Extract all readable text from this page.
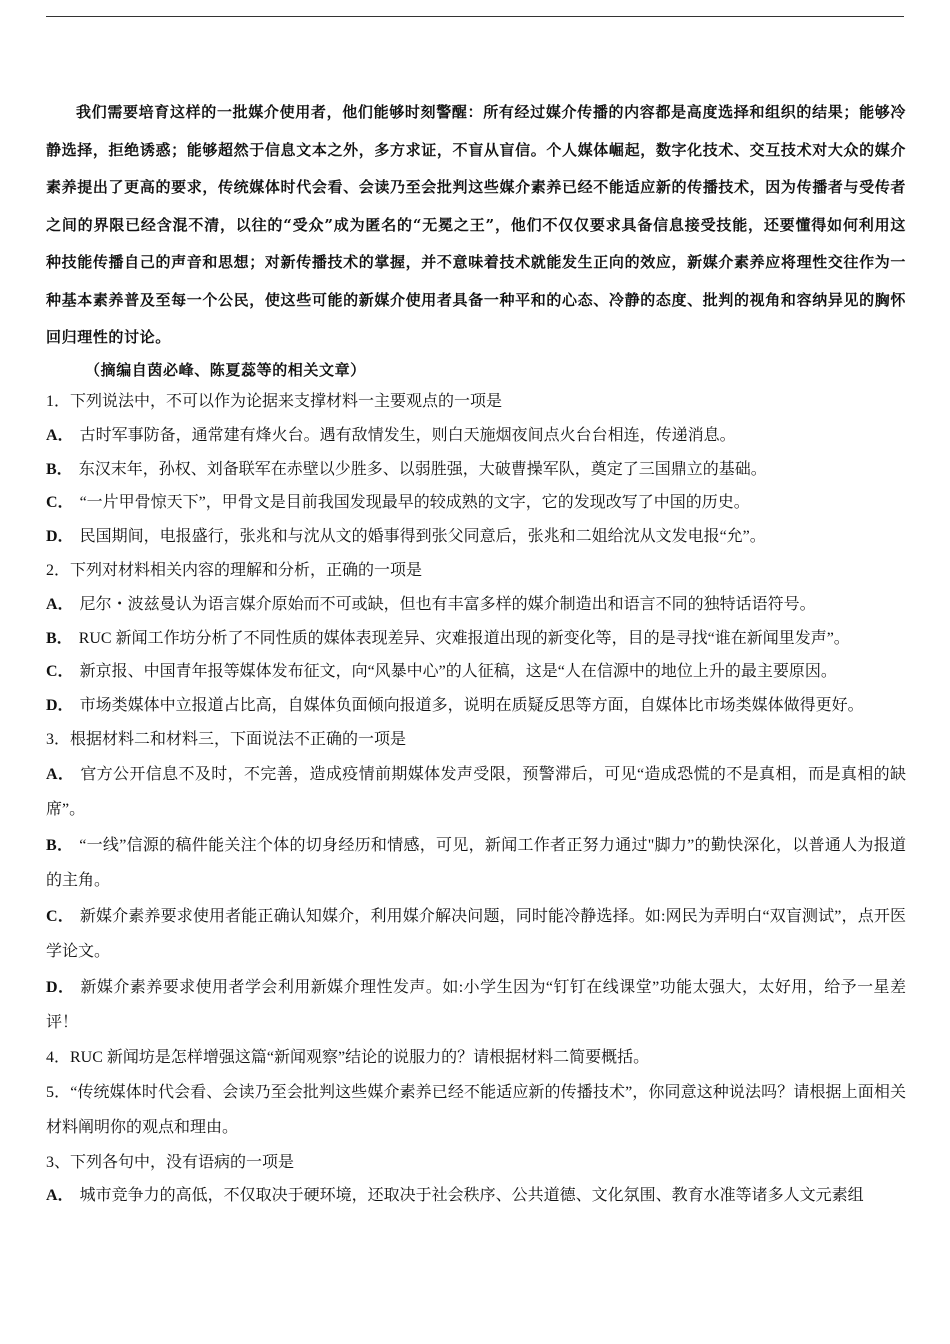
我们需要培育这样的一批媒介使用者，他们能够时刻警醒：所有经过媒介传播的内容都是高度选择和组织的结果；能够冷静选择，拒绝诱惑；能够超然于信息文本之外，多方求证，不盲从盲信。个人媒体崛起，数字化技术、交互技术对大众的媒介素养提出了更高的要求，传统媒体时代会看、会读乃至会批判这些媒介素养已经不能适应新的传播技术，因为传播者与受传者之间的界限已经含混不清，以往的“受众”成为匿名的“无冕之王”，他们不仅仅要求具备信息接受技能，还要懂得如何利用这种技能传播自己的声音和思想；对新传播技术的掌握，并不意味着技术就能发生正向的效应，新媒介素养应将理性交往作为一种基本素养普及至每一个公民，使这些可能的新媒介使用者具备一种平和的心态、冷静的态度、批判的视角和容纳异见的胸怀回归理性的讨论。

（摘编自茵必峰、陈夏蕊等的相关文章）

1．下列说法中，不可以作为论据来支撑材料一主要观点的一项是

A． 古时军事防备，通常建有烽火台。遇有敌情发生，则白天施烟夜间点火台台相连，传递消息。

B． 东汉末年，孙权、刘备联军在赤壁以少胜多、以弱胜强，大破曹操军队，奠定了三国鼎立的基础。

C． “一片甲骨惊天下”，甲骨文是目前我国发现最早的较成熟的文字，它的发现改写了中国的历史。

D． 民国期间，电报盛行，张兆和与沈从文的婚事得到张父同意后，张兆和二姐给沈从文发电报“允”。

2．下列对材料相关内容的理解和分析，正确的一项是

A． 尼尔・波兹曼认为语言媒介原始而不可或缺，但也有丰富多样的媒介制造出和语言不同的独特话语符号。

B． RUC 新闻工作坊分析了不同性质的媒体表现差异、灾难报道出现的新变化等，目的是寻找“谁在新闻里发声”。

C． 新京报、中国青年报等媒体发布征文，向“风暴中心”的人征稿，这是“人在信源中的地位上升的最主要原因。

D． 市场类媒体中立报道占比高，自媒体负面倾向报道多，说明在质疑反思等方面，自媒体比市场类媒体做得更好。

3．根据材料二和材料三，下面说法不正确的一项是

A． 官方公开信息不及时，不完善，造成疫情前期媒体发声受限，预警滞后，可见“造成恐慌的不是真相，而是真相的缺席”。

B． “一线”信源的稿件能关注个体的切身经历和情感，可见，新闻工作者正努力通过"脚力”的勤快深化，以普通人为报道的主角。

C． 新媒介素养要求使用者能正确认知媒介，利用媒介解决问题，同时能冷静选择。如:网民为弄明白“双盲测试”，点开医学论文。

D． 新媒介素养要求使用者学会利用新媒介理性发声。如:小学生因为“钉钉在线课堂”功能太强大，太好用，给予一星差评！

4．RUC 新闻坊是怎样增强这篇“新闻观察”结论的说服力的？请根据材料二简要概括。

5．“传统媒体时代会看、会读乃至会批判这些媒介素养已经不能适应新的传播技术”，你同意这种说法吗？请根据上面相关材料阐明你的观点和理由。

3、下列各句中，没有语病的一项是

A． 城市竞争力的高低，不仅取决于硬环境，还取决于社会秩序、公共道德、文化氛围、教育水准等诸多人文元素组
